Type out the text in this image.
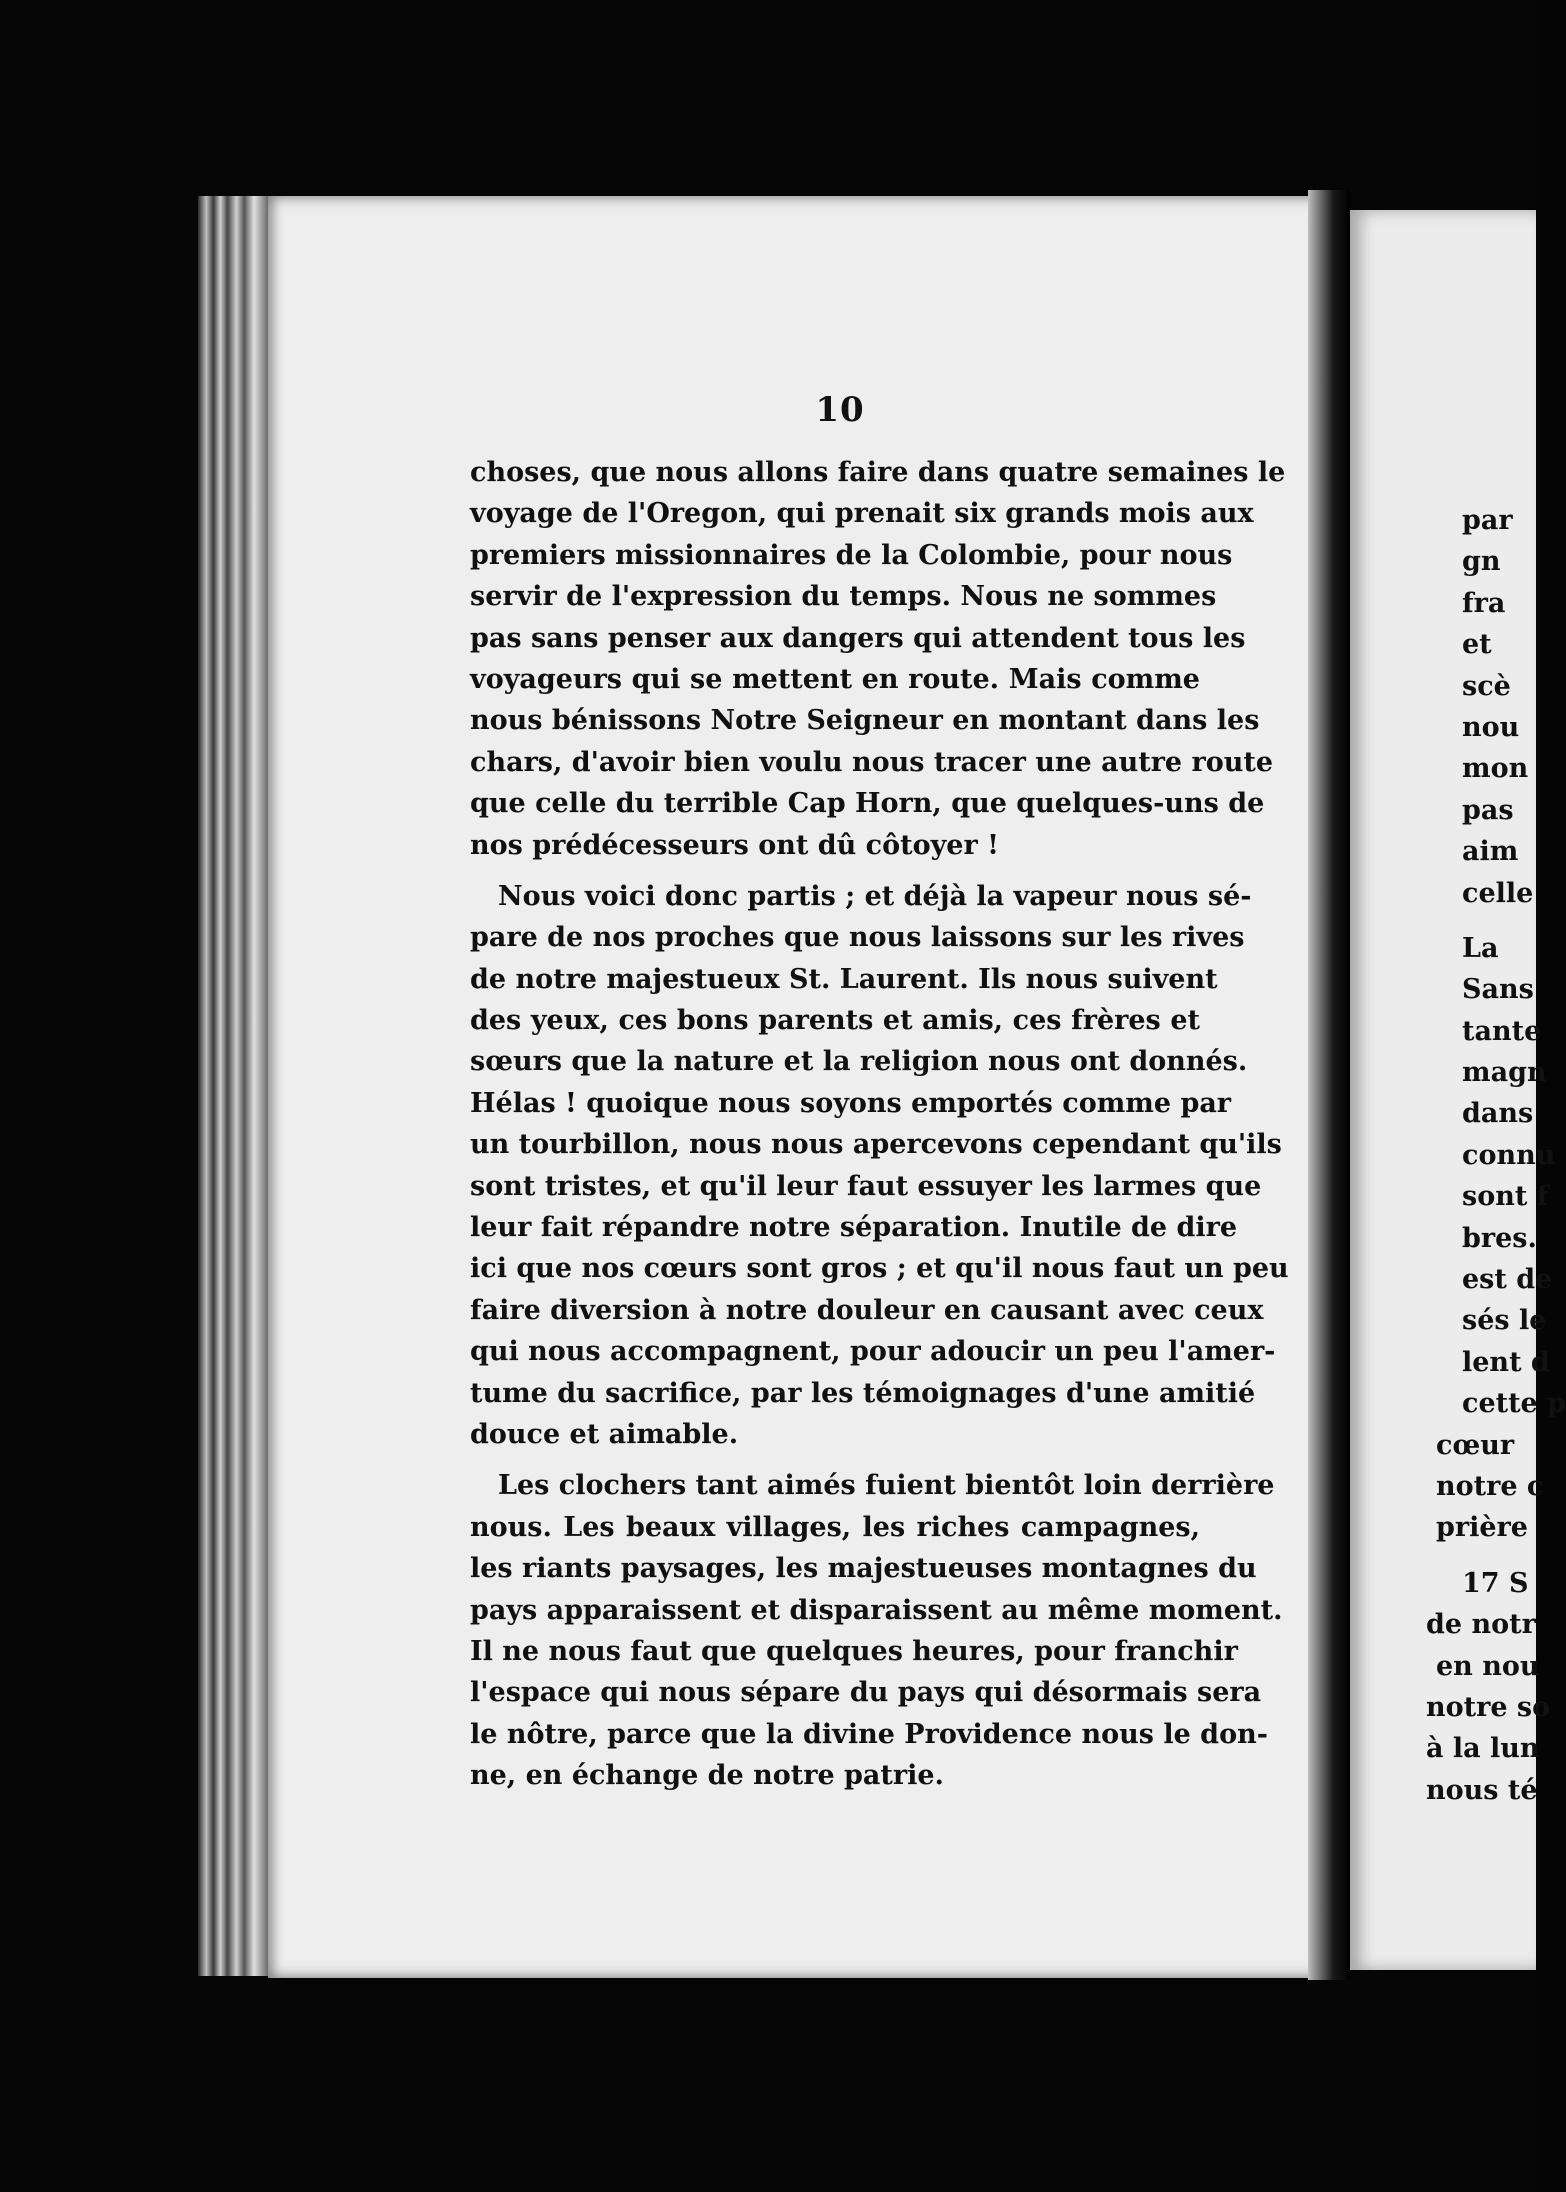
10
choses, que nous allons faire dans quatre semaines le
voyage de l'Oregon, qui prenait six grands mois aux
premiers missionnaires de la Colombie, pour nous
servir de l'expression du temps. Nous ne sommes
pas sans penser aux dangers qui attendent tous les
voyageurs qui se mettent en route. Mais comme
nous bénissons Notre Seigneur en montant dans les
chars, d'avoir bien voulu nous tracer une autre route
que celle du terrible Cap Horn, que quelques-uns de
nos prédécesseurs ont dû côtoyer !
Nous voici donc partis ; et déjà la vapeur nous sé-
pare de nos proches que nous laissons sur les rives
de notre majestueux St. Laurent. Ils nous suivent
des yeux, ces bons parents et amis, ces frères et
sœurs que la nature et la religion nous ont donnés.
Hélas ! quoique nous soyons emportés comme par
un tourbillon, nous nous apercevons cependant qu'ils
sont tristes, et qu'il leur faut essuyer les larmes que
leur fait répandre notre séparation. Inutile de dire
ici que nos cœurs sont gros ; et qu'il nous faut un peu
faire diversion à notre douleur en causant avec ceux
qui nous accompagnent, pour adoucir un peu l'amer-
tume du sacrifice, par les témoignages d'une amitié
douce et aimable.
Les clochers tant aimés fuient bientôt loin derrière
nous. Les beaux villages, les riches campagnes,
les riants paysages, les majestueuses montagnes du
pays apparaissent et disparaissent au même moment.
Il ne nous faut que quelques heures, pour franchir
l'espace qui nous sépare du pays qui désormais sera
le nôtre, parce que la divine Providence nous le don-
ne, en échange de notre patrie.
par
gn
fra
et
scè
nou
mon
pas
aim
celle
La
Sans
tante
magn
dans
connu
sont f
bres.
est de
sés le
lent d
cette p
cœur
notre c
prière
17 S
de notr
en nou
notre so
à la lun
nous té
